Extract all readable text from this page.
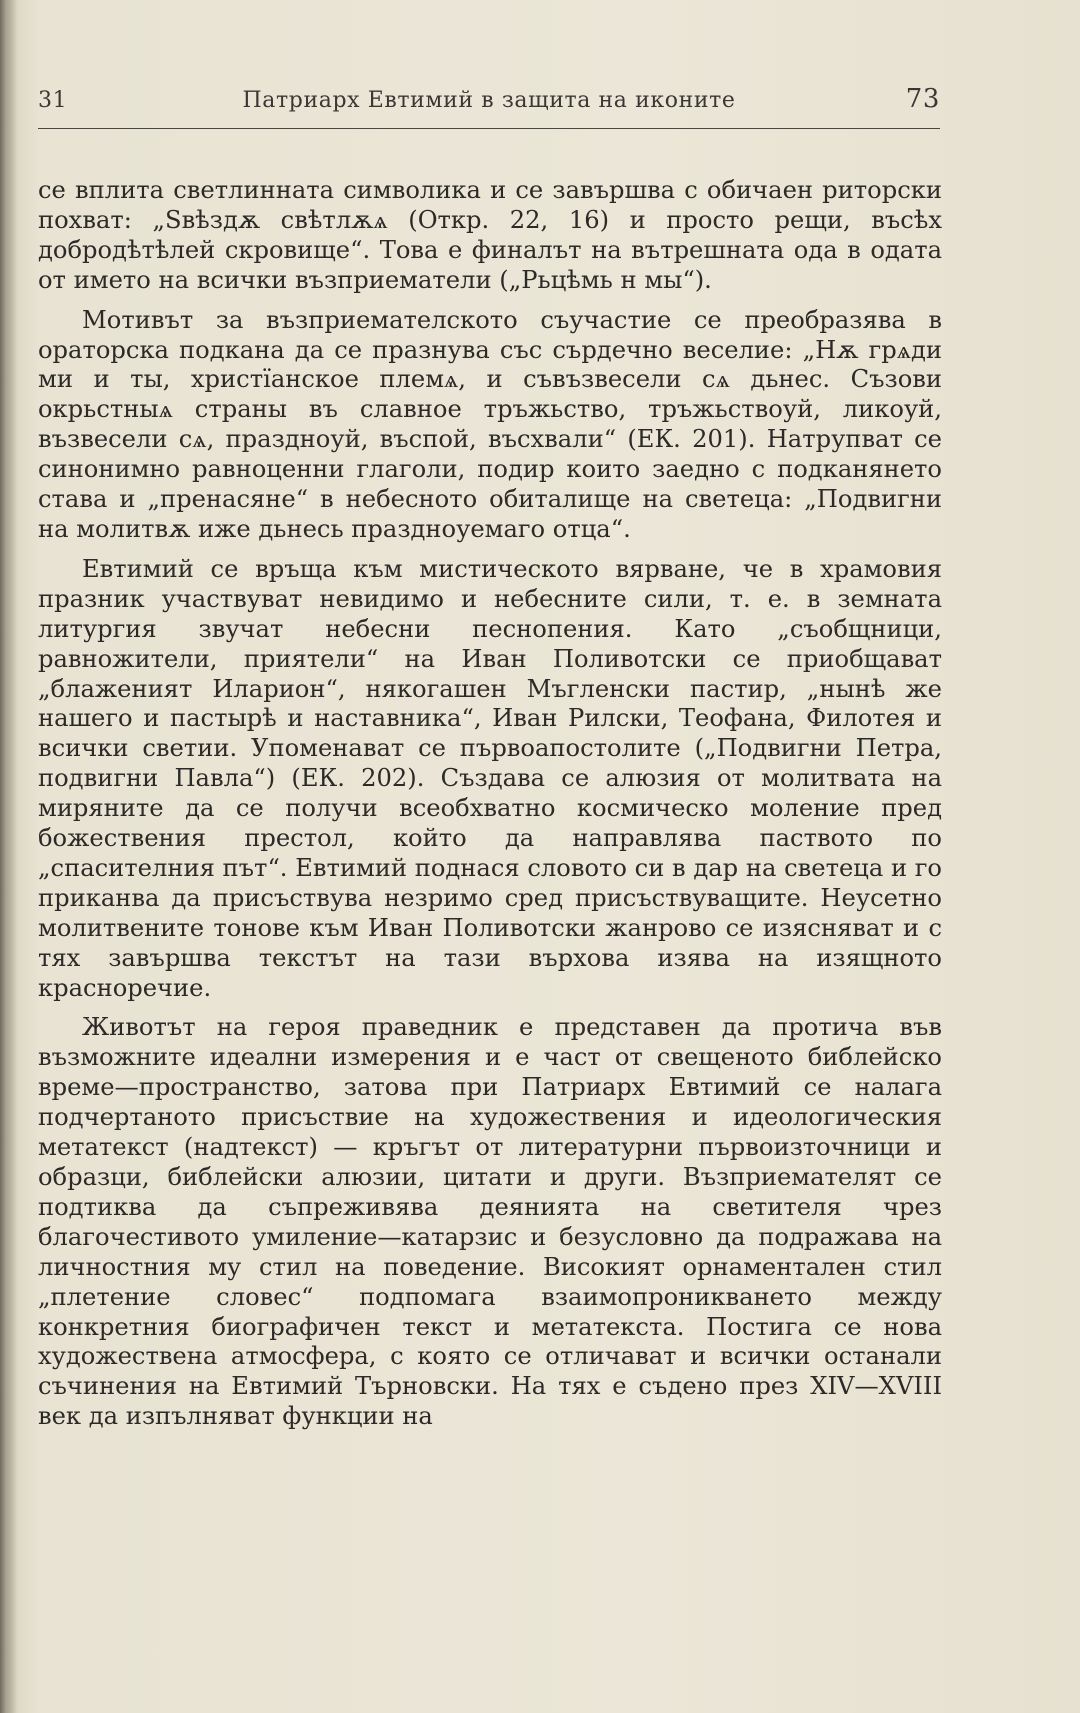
31	Патриарх Евтимий в защита на иконите	73

се вплита светлинната символика и се завършва с обичаен риторски похват: „Ѕвѣздѫ свѣтлѫѧ (Откр. 22, 16) и просто рещи, въсѣх добродѣтѣлей скровище“. Това е финалът на вътрешната ода в одата от името на всички възприематели („Рьцѣмь н мы“).

Мотивът за възприемателското съучастие се преобразява в ораторска подкана да се празнува със сърдечно веселие: „Нѫ грѧди ми и ты, христїанское племѧ, и съвъзвесели сѧ дьнес. Съзови окрьстныѧ страны въ славное тръжьство, тръжьствоуй, ликоуй, възвесели сѧ, празднoуй, въспой, въсхвали“ (ЕК. 201). Натрупват се синонимно равноценни глаголи, подир които заедно с подканянето става и „пренасяне“ в небесното обиталище на светеца: „Подвигни на молитвѫ иже дьнесь праздноуемаго отца“.

Евтимий се връща към мистическото вярване, че в храмовия празник участвуват невидимо и небесните сили, т. е. в земната литургия звучат небесни песнопения. Като „съобщници, равножители, приятели“ на Иван Поливотски се приобщават „блаженият Иларион“, някогашен Мъгленски пастир, „нынѣ же нашего и пастырѣ и наставника“, Иван Рилски, Теофана, Филотея и всички светии. Упоменават се първоапостолите („Подвигни Петра, подвигни Павла“) (ЕК. 202). Създава се алюзия от молитвата на миряните да се получи всеобхватно космическо моление пред божествения престол, който да направлява паството по „спасителния път“. Евтимий поднася словото си в дар на светеца и го приканва да присъствува незримо сред присъствуващите. Неусетно молитвените тонове към Иван Поливотски жанрово се изясняват и с тях завършва текстът на тази върхова изява на изящното красноречие.

Животът на героя праведник е представен да протича във възможните идеални измерения и е част от свещеното библейско време—пространство, затова при Патриарх Евтимий се налага подчертаното присъствие на художествения и идеологическия метатекст (надтекст) — кръгът от литературни първоизточници и образци, библейски алюзии, цитати и други. Възприемателят се подтиква да съпреживява деянията на светителя чрез благочестивото умиление—катарзис и безусловно да подражава на личностния му стил на поведение. Високият орнаментален стил „плетение словес“ подпомага взаимопроникването между конкретния биографичен текст и метатекста. Постига се нова художествена атмосфера, с която се отличават и всички останали съчинения на Евтимий Търновски. На тях е съдено през XIV—XVIII век да изпълняват функции на
